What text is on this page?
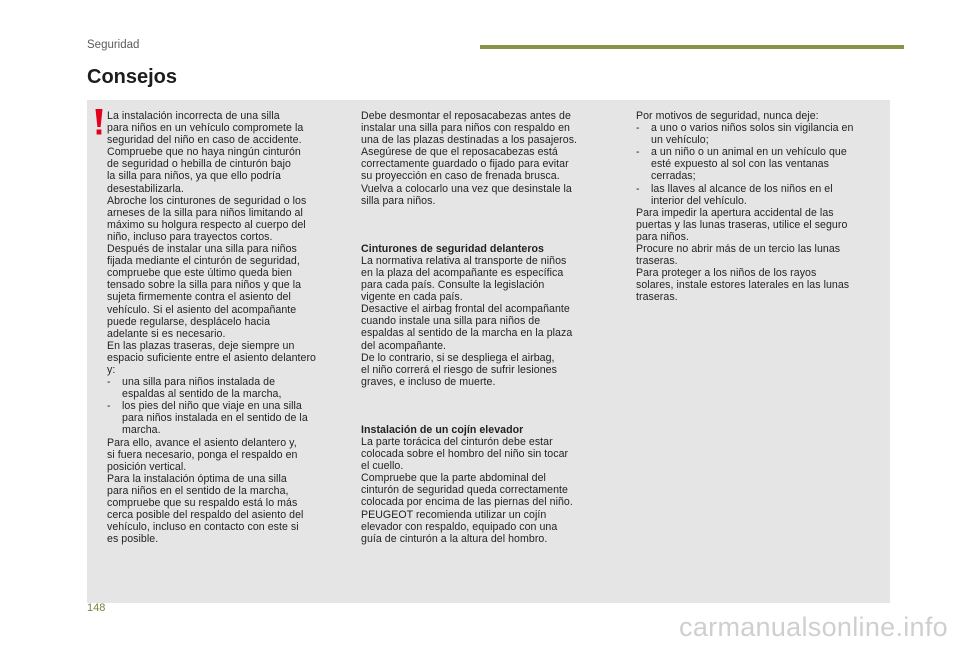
Seguridad
Consejos
La instalación incorrecta de una silla
para niños en un vehículo compromete la
seguridad del niño en caso de accidente.
Compruebe que no haya ningún cinturón
de seguridad o hebilla de cinturón bajo
la silla para niños, ya que ello podría
desestabilizarla.
Abroche los cinturones de seguridad o los
arneses de la silla para niños limitando al
máximo su holgura respecto al cuerpo del
niño, incluso para trayectos cortos.
Después de instalar una silla para niños
fijada mediante el cinturón de seguridad,
compruebe que este último queda bien
tensado sobre la silla para niños y que la
sujeta firmemente contra el asiento del
vehículo. Si el asiento del acompañante
puede regularse, desplácelo hacia
adelante si es necesario.
En las plazas traseras, deje siempre un
espacio suficiente entre el asiento delantero
y:
- una silla para niños instalada de
espaldas al sentido de la marcha,
- los pies del niño que viaje en una silla
para niños instalada en el sentido de la
marcha.
Para ello, avance el asiento delantero y,
si fuera necesario, ponga el respaldo en
posición vertical.
Para la instalación óptima de una silla
para niños en el sentido de la marcha,
compruebe que su respaldo está lo más
cerca posible del respaldo del asiento del
vehículo, incluso en contacto con este si
es posible.
Debe desmontar el reposacabezas antes de
instalar una silla para niños con respaldo en
una de las plazas destinadas a los pasajeros.
Asegúrese de que el reposacabezas está
correctamente guardado o fijado para evitar
su proyección en caso de frenada brusca.
Vuelva a colocarlo una vez que desinstale la
silla para niños.
Cinturones de seguridad delanteros
La normativa relativa al transporte de niños
en la plaza del acompañante es específica
para cada país. Consulte la legislación
vigente en cada país.
Desactive el airbag frontal del acompañante
cuando instale una silla para niños de
espaldas al sentido de la marcha en la plaza
del acompañante.
De lo contrario, si se despliega el airbag,
el niño correrá el riesgo de sufrir lesiones
graves, e incluso de muerte.
Instalación de un cojín elevador
La parte torácica del cinturón debe estar
colocada sobre el hombro del niño sin tocar
el cuello.
Compruebe que la parte abdominal del
cinturón de seguridad queda correctamente
colocada por encima de las piernas del niño.
PEUGEOT recomienda utilizar un cojín
elevador con respaldo, equipado con una
guía de cinturón a la altura del hombro.
Por motivos de seguridad, nunca deje:
- a uno o varios niños solos sin vigilancia en
un vehículo;
- a un niño o un animal en un vehículo que
esté expuesto al sol con las ventanas
cerradas;
- las llaves al alcance de los niños en el
interior del vehículo.
Para impedir la apertura accidental de las
puertas y las lunas traseras, utilice el seguro
para niños.
Procure no abrir más de un tercio las lunas
traseras.
Para proteger a los niños de los rayos
solares, instale estores laterales en las lunas
traseras.
148
carmanualsonline.info
